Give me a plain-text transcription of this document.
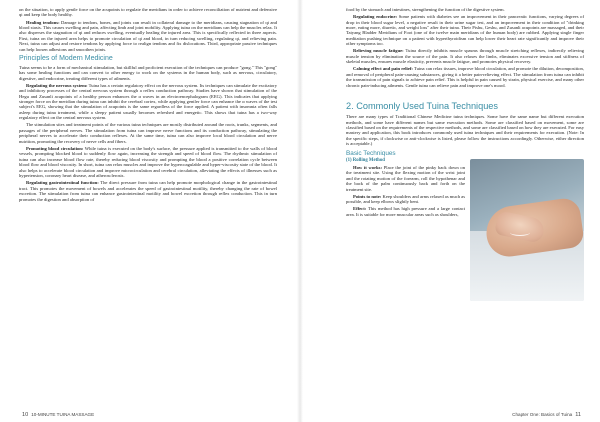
on the situation, to apply gentle force on the acupoints to regulate the meridians in order to achieve reconciliation of nutrient and defensive qi and keep the body healthy.

Healing tendons: Damage to tendons, bones, and joints can result in collateral damage to the meridians, causing stagnation of qi and blood stasis. This causes swelling and pain, affecting limb and joint mobility. Applying tuina on the meridians can help the muscles relax. It also disperses the stagnation of qi and reduces swelling, eventually healing the injured area. This is specifically reflected in three aspects. First, tuina on the injured area helps to promote circulation of qi and blood, in turn reducing swelling, regulating qi, and relieving pain. Next, tuina can adjust and restore tendons by applying force to realign tendons and fix dislocations. Third, appropriate passive techniques can help loosen adhesions and smoothen joints.

Principles of Modern Medicine

Tuina seems to be a form of mechanical stimulation, but skillful and proficient execution of the techniques can produce "gong." This "gong" has some healing functions and can convert to other energy to work on the systems in the human body, such as nervous, circulatory, digestive, and endocrine, treating different types of ailments.

Regulating the nervous system: Tuina has a certain regulatory effect on the nervous system. Its techniques can stimulate the excitatory and inhibitory processes of the central nervous system through a reflex conduction pathway. Studies have shown that stimulation of the Hegu and Zusanli acupoints of a healthy person enhances the α waves in an electroencephalogram (EEG). This indicates that applying stronger force on the meridian during tuina can inhibit the cerebral cortex, while applying gentler force can enhance the α waves of the test subject's EEG, showing that the stimulation of acupoints is the same regardless of the force applied. A patient with insomnia often falls asleep during tuina treatment, while a sleepy patient usually becomes refreshed and energetic. This shows that tuina has a two-way regulatory effect on the central nervous system.

The stimulation sites and treatment points of the various tuina techniques are mostly distributed around the roots, trunks, segments, and passages of the peripheral nerves. The stimulation from tuina can improve nerve functions and its conduction pathway, stimulating the peripheral nerves to accelerate their conduction reflexes. At the same time, tuina can also improve local blood circulation and nerve nutrition, promoting the recovery of nerve cells and fibers.

Promoting blood circulation: While tuina is executed on the body's surface, the pressure applied is transmitted to the walls of blood vessels, prompting blocked blood to suddenly flow again, increasing the strength and speed of blood flow. The rhythmic stimulation of tuina can also increase blood flow rate, thereby reducing blood viscosity and prompting the blood a positive correlation cycle between blood flow and blood viscosity. In short, tuina can relax muscles and improve the hypercoagulable and hyper-viscosity state of the blood. It also helps to accelerate blood circulation and improve microcirculation and cerebral circulation, alleviating the effects of illnesses such as hypertension, coronary heart disease, and atherosclerosis.

Regulating gastrointestinal function: The direct pressure from tuina can help promote morphological change in the gastrointestinal tract. This promotes the movement of bowels and accelerates the speed of gastrointestinal motility, thereby changing the rate of bowel excretion. The stimulation from tuina can enhance gastrointestinal motility and bowel excretion through reflex conduction. This in turn promotes the digestion and absorption of

10 10-MINUTE TUINA MASSAGE

food by the stomach and intestines, strengthening the function of the digestive system.

Regulating endocrine: Some patients with diabetes see an improvement in their pancreatic functions, varying degrees of drop in their blood sugar level, a negative result in their urine sugar test, and an improvement in their condition of "drinking more, eating more, diuretic, and weight loss" after their tuina. Their Pishu, Geshu, and Zusanli acupoints are massaged, and their Taiyang Bladder Meridians of Foot (one of the twelve main meridians of the human body) are rubbed. Applying single finger meditation pushing technique on a patient with hyperthyroidism can help lower their heart rate significantly and improve their other symptoms too.

Relieving muscle fatigue: Tuina directly inhibits muscle spasms through muscle stretching reflexes, indirectly relieving muscle tension by elimination the source of the pain. It also relaxes the limbs, eliminates excessive tension and stiffness of skeletal muscles, ensures muscle elasticity, prevents muscle fatigue, and promotes physical recovery.

Calming effect and pain relief: Tuina can relax tissues, improve blood circulation, and promote the dilution, decomposition, and removal of peripheral pain-causing substances, giving it a better pain-relieving effect. The stimulation from tuina can inhibit the transmission of pain signals to achieve pain relief. This is helpful in pain caused by strain, physical exercise, and many other chronic pain-inducing ailments. Gentle tuina can relieve pain and improve one's mood.

2. Commonly Used Tuina Techniques

There are many types of Traditional Chinese Medicine tuina techniques. Some have the same name but different execution methods, and some have different names but same execution methods. Some are classified based on movement, some are classified based on the requirements of the respective methods, and some are classified based on how they are executed. For easy mastery and application, this book introduces commonly used tuina techniques and their requirements for execution. (Note: In the specific steps, if clockwise or anti-clockwise is listed, please follow the instructions accordingly. Otherwise, either direction is acceptable.)

Basic Techniques
(1) Rolling Method

How it works: Place the joint of the pinky back down on the treatment site. Using the flexing motion of the wrist joint and the rotating motion of the forearm, roll the hypothenar and the back of the palm continuously back and forth on the treatment site.

Points to note: Keep shoulders and arms relaxed as much as possible, and keep elbows slightly bent.

Effect: This method has high pressure and a large contact area. It is suitable for more muscular areas such as shoulders,

Chapter One: Basics of Tuina 11
